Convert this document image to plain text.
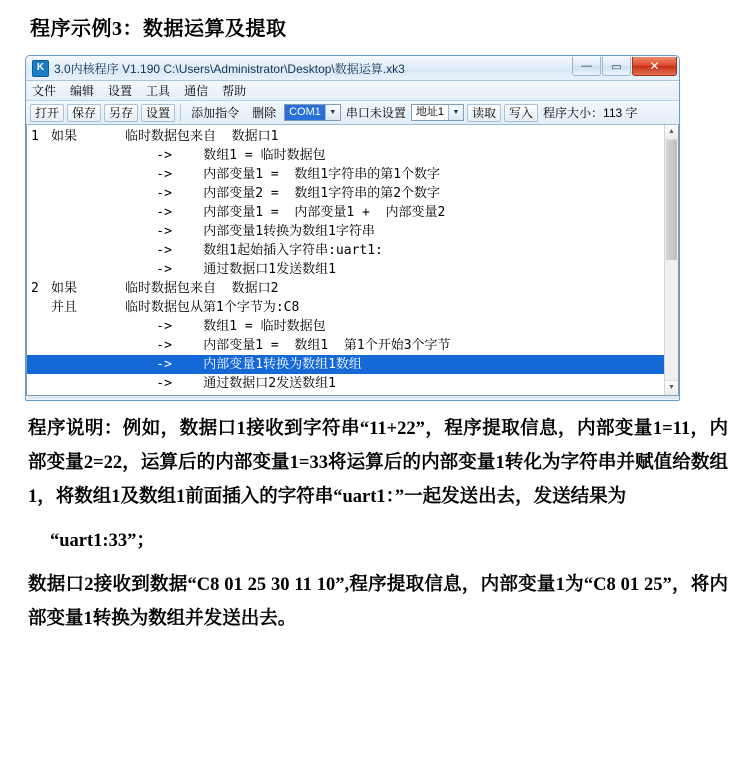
程序示例3：数据运算及提取
K 3.0内核程序 V1.190 C:\Users\Administrator\Desktop\数据运算.xk3	—	▭	✕
文件 编辑 设置 工具 通信 帮助
打开	保存	另存	设置	添加指令	删除	COM1	▼ 串口未设置 地址1	▼	读取	写入 程序大小：113 字
1 如果	临时数据包来自  数据口1
->    数组1 = 临时数据包
->    内部变量1 =  数组1字符串的第1个数字
->    内部变量2 =  数组1字符串的第2个数字
->    内部变量1 =  内部变量1 +  内部变量2
->    内部变量1转换为数组1字符串
->    数组1起始插入字符串:uart1:
->    通过数据口1发送数组1
2 如果	临时数据包来自  数据口2
并且	临时数据包从第1个字节为:C8
->    数组1 = 临时数据包
->    内部变量1 =  数组1  第1个开始3个字节
->    内部变量1转换为数组1数组
->    通过数据口2发送数组1
▲
▼

程序说明：例如，数据口1接收到字符串“11+22”，程序提取信息，内部变量1=11，内部变量2=22，运算后的内部变量1=33将运算后的内部变量1转化为字符串并赋值给数组1，将数组1及数组1前面插入的字符串“uart1：”一起发送出去，发送结果为

“uart1:33”；

数据口2接收到数据“C8 01 25 30 11 10”,程序提取信息，内部变量1为“C8 01 25”，将内部变量1转换为数组并发送出去。
